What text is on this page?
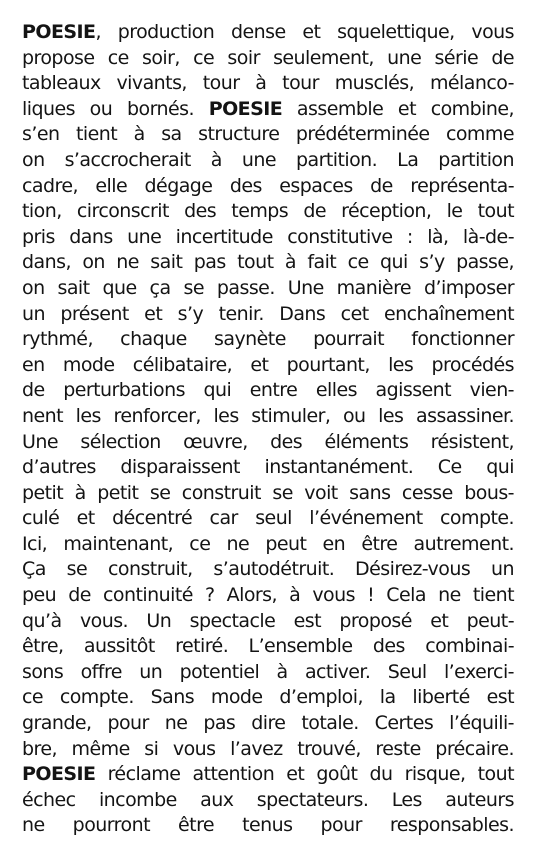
POESIE, production dense et squelettique, vous
propose ce soir, ce soir seulement, une série de
tableaux vivants, tour à tour musclés, mélanco-
liques ou bornés. POESIE assemble et combine,
s’en tient à sa structure prédéterminée comme
on s’accrocherait à une partition. La partition
cadre, elle dégage des espaces de représenta-
tion, circonscrit des temps de réception, le tout
pris dans une incertitude constitutive : là, là-de-
dans, on ne sait pas tout à fait ce qui s’y passe,
on sait que ça se passe. Une manière d’imposer
un présent et s’y tenir. Dans cet enchaînement
rythmé, chaque saynète pourrait fonctionner
en mode célibataire, et pourtant, les procédés
de perturbations qui entre elles agissent vien-
nent les renforcer, les stimuler, ou les assassiner.
Une sélection œuvre, des éléments résistent,
d’autres disparaissent instantanément. Ce qui
petit à petit se construit se voit sans cesse bous-
culé et décentré car seul l’événement compte.
Ici, maintenant, ce ne peut en être autrement.
Ça se construit, s’autodétruit. Désirez-vous un
peu de continuité ? Alors, à vous ! Cela ne tient
qu’à vous. Un spectacle est proposé et peut-
être, aussitôt retiré. L’ensemble des combinai-
sons offre un potentiel à activer. Seul l’exerci-
ce compte. Sans mode d’emploi, la liberté est
grande, pour ne pas dire totale. Certes l’équili-
bre, même si vous l’avez trouvé, reste précaire.
POESIE réclame attention et goût du risque, tout
échec incombe aux spectateurs. Les auteurs
ne pourront être tenus pour responsables.
